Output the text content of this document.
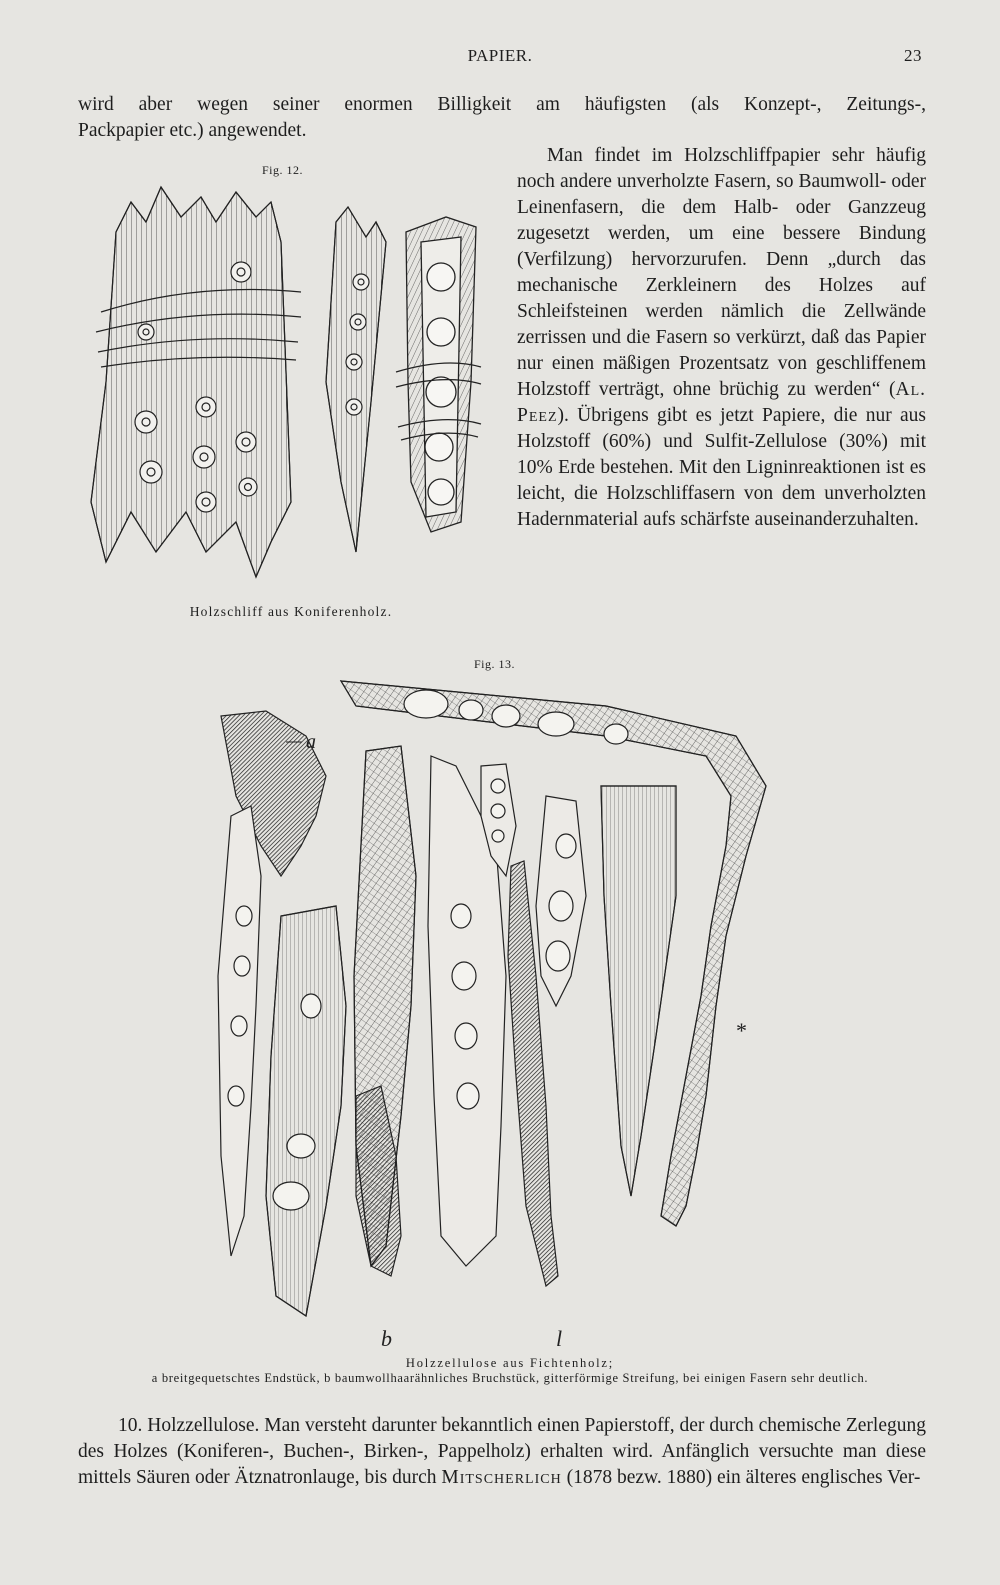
PAPIER.	23
wird aber wegen seiner enormen Billigkeit am häufigsten (als Konzept-, Zeitungs-,
Packpapier etc.) angewendet.
Fig. 12.
Holzschliff aus Koniferenholz.

Man findet im Holzschliffpapier sehr häufig noch andere unverholzte Fasern, so Baumwoll- oder Leinenfasern, die dem Halb- oder Ganzzeug zugesetzt werden, um eine bessere Bindung (Verfilzung) hervorzurufen. Denn „durch das mechanische Zerkleinern des Holzes auf Schleifsteinen werden nämlich die Zellwände zerrissen und die Fasern so verkürzt, daß das Papier nur einen mäßigen Prozentsatz von geschliffenem Holzstoff verträgt, ohne brüchig zu werden“ (Al. Peez). Übrigens gibt es jetzt Papiere, die nur aus Holzstoff (60%) und Sulfit-Zellulose (30%) mit 10% Erde bestehen. Mit den Ligninreaktionen ist es leicht, die Holzschliffasern von dem unverholzten Hadernmaterial aufs schärfste auseinanderzuhalten.

Fig. 13.
a
b	l
*
Holzzellulose aus Fichtenholz;
a breitgequetschtes Endstück, b baumwollhaarähnliches Bruchstück, gitterförmige Streifung, bei einigen Fasern sehr deutlich.

10. Holzzellulose. Man versteht darunter bekanntlich einen Papierstoff, der durch chemische Zerlegung des Holzes (Koniferen-, Buchen-, Birken-, Pappelholz) erhalten wird. Anfänglich versuchte man diese mittels Säuren oder Ätznatronlauge, bis durch Mitscherlich (1878 bezw. 1880) ein älteres englisches Ver-
